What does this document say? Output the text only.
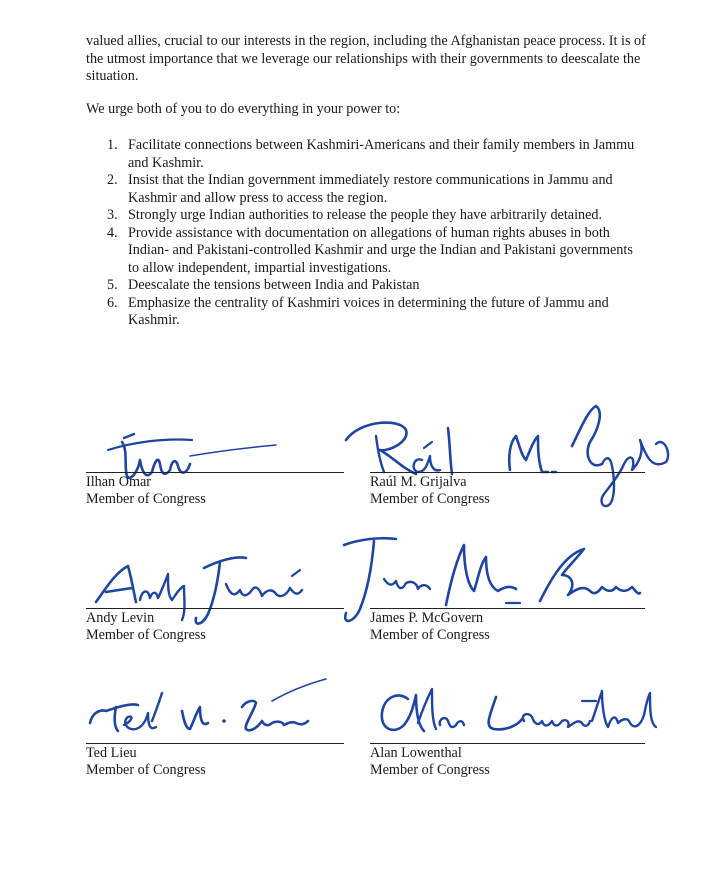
valued allies, crucial to our interests in the region, including the Afghanistan peace process. It is of the utmost importance that we leverage our relationships with their governments to deescalate the situation.

We urge both of you to do everything in your power to:

1. Facilitate connections between Kashmiri-Americans and their family members in Jammu and Kashmir.
2. Insist that the Indian government immediately restore communications in Jammu and Kashmir and allow press to access the region.
3. Strongly urge Indian authorities to release the people they have arbitrarily detained.
4. Provide assistance with documentation on allegations of human rights abuses in both Indian- and Pakistani-controlled Kashmir and urge the Indian and Pakistani governments to allow independent, impartial investigations.
5. Deescalate the tensions between India and Pakistan
6. Emphasize the centrality of Kashmiri voices in determining the future of Jammu and Kashmir.
Ilhan Omar
Member of Congress
Raúl M. Grijalva
Member of Congress
Andy Levin
Member of Congress
James P. McGovern
Member of Congress
Ted Lieu
Member of Congress
Alan Lowenthal
Member of Congress
